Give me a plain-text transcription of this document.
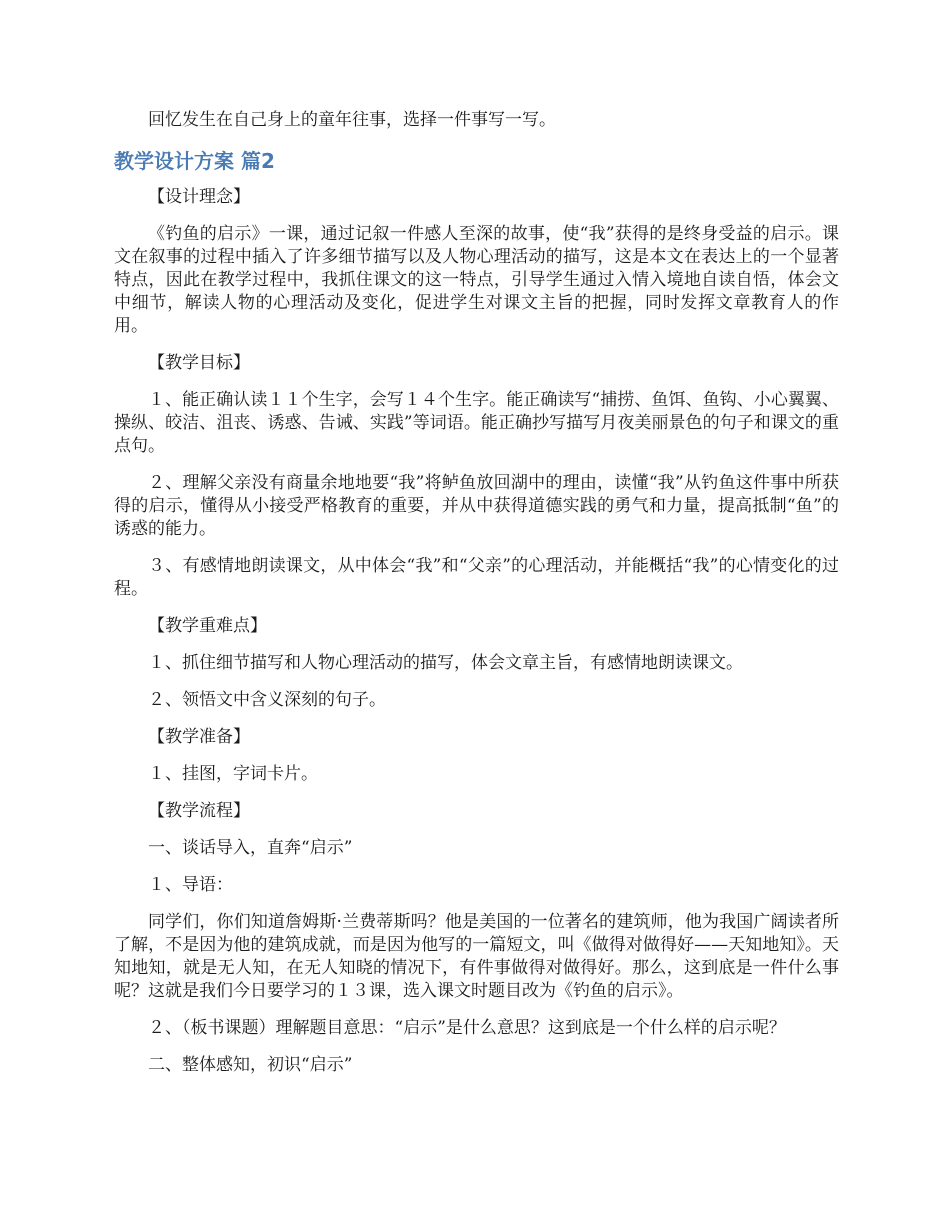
回忆发生在自己身上的童年往事，选择一件事写一写。

教学设计方案 篇2

【设计理念】

《钓鱼的启示》一课，通过记叙一件感人至深的故事，使“我”获得的是终身受益的启示。课文在叙事的过程中插入了许多细节描写以及人物心理活动的描写，这是本文在表达上的一个显著特点，因此在教学过程中，我抓住课文的这一特点，引导学生通过入情入境地自读自悟，体会文中细节，解读人物的心理活动及变化，促进学生对课文主旨的把握，同时发挥文章教育人的作用。

【教学目标】

１、能正确认读１１个生字，会写１４个生字。能正确读写“捕捞、鱼饵、鱼钩、小心翼翼、操纵、皎洁、沮丧、诱惑、告诫、实践”等词语。能正确抄写描写月夜美丽景色的句子和课文的重点句。

２、理解父亲没有商量余地地要“我”将鲈鱼放回湖中的理由，读懂“我”从钓鱼这件事中所获得的启示，懂得从小接受严格教育的重要，并从中获得道德实践的勇气和力量，提高抵制“鱼”的诱惑的能力。

３、有感情地朗读课文，从中体会“我”和“父亲”的心理活动，并能概括“我”的心情变化的过程。

【教学重难点】

１、抓住细节描写和人物心理活动的描写，体会文章主旨，有感情地朗读课文。

２、领悟文中含义深刻的句子。

【教学准备】

１、挂图，字词卡片。

【教学流程】

一、谈话导入，直奔“启示”

１、导语：

同学们，你们知道詹姆斯·兰费蒂斯吗？他是美国的一位著名的建筑师，他为我国广阔读者所了解，不是因为他的建筑成就，而是因为他写的一篇短文，叫《做得对做得好——天知地知》。天知地知，就是无人知，在无人知晓的情况下，有件事做得对做得好。那么，这到底是一件什么事呢？这就是我们今日要学习的１３课，选入课文时题目改为《钓鱼的启示》。

２、（板书课题）理解题目意思：“启示”是什么意思？这到底是一个什么样的启示呢？

二、整体感知，初识“启示”
